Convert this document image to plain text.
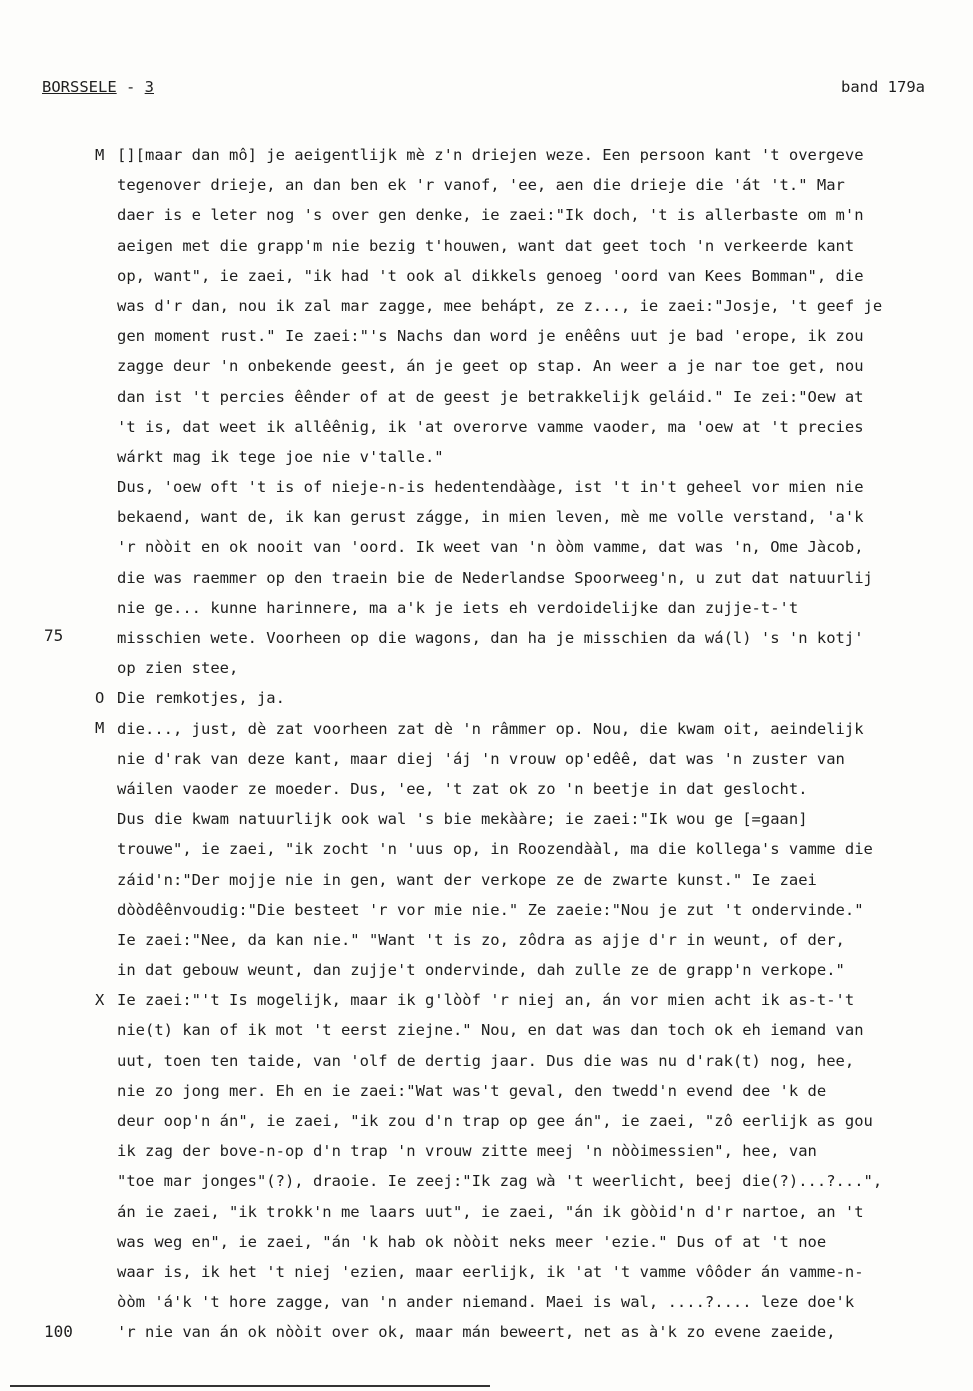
BORSSELE - 3	band 179a
M
O
M
X
75
100
[][maar dan mô] je aeigentlijk mè z'n driejen weze. Een persoon kant 't overgeve
tegenover drieje, an dan ben ek 'r vanof, 'ee, aen die drieje die 'át 't." Mar
daer is e leter nog 's over gen denke, ie zaei:"Ik doch, 't is allerbaste om m'n
aeigen met die grapp'm nie bezig t'houwen, want dat geet toch 'n verkeerde kant
op, want", ie zaei, "ik had 't ook al dikkels genoeg 'oord van Kees Bomman", die
was d'r dan, nou ik zal mar zagge, mee behápt, ze z..., ie zaei:"Josje, 't geef je
gen moment rust." Ie zaei:"'s Nachs dan word je enêêns uut je bad 'erope, ik zou
zagge deur 'n onbekende geest, án je geet op stap. An weer a je nar toe get, nou
dan ist 't percies êênder of at de geest je betrakkelijk geláid." Ie zei:"Oew at
't is, dat weet ik allêênig, ik 'at overorve vamme vaoder, ma 'oew at 't precies
wárkt mag ik tege joe nie v'talle."
Dus, 'oew oft 't is of nieje-n-is hedentendààge, ist 't in't geheel vor mien nie
bekaend, want de, ik kan gerust zágge, in mien leven, mè me volle verstand, 'a'k
'r nòòit en ok nooit van 'oord. Ik weet van 'n òòm vamme, dat was 'n, Ome Jàcob,
die was raemmer op den traein bie de Nederlandse Spoorweeg'n, u zut dat natuurlij
nie ge... kunne harinnere, ma a'k je iets eh verdoidelijke dan zujje-t-'t
misschien wete. Voorheen op die wagons, dan ha je misschien da wá(l) 's 'n kotj'
op zien stee,
Die remkotjes, ja.
die..., just, dè zat voorheen zat dè 'n râmmer op. Nou, die kwam oit, aeindelijk
nie d'rak van deze kant, maar diej 'áj 'n vrouw op'edêê, dat was 'n zuster van
wáilen vaoder ze moeder. Dus, 'ee, 't zat ok zo 'n beetje in dat geslocht.
Dus die kwam natuurlijk ook wal 's bie mekààre; ie zaei:"Ik wou ge [=gaan]
trouwe", ie zaei, "ik zocht 'n 'uus op, in Roozendààl, ma die kollega's vamme die
záid'n:"Der mojje nie in gen, want der verkope ze de zwarte kunst." Ie zaei
dòòdêênvoudig:"Die besteet 'r vor mie nie." Ze zaeie:"Nou je zut 't ondervinde."
Ie zaei:"Nee, da kan nie." "Want 't is zo, zôdra as ajje d'r in weunt, of der,
in dat gebouw weunt, dan zujje't ondervinde, dah zulle ze de grapp'n verkope."
Ie zaei:"'t Is mogelijk, maar ik g'lòòf 'r niej an, án vor mien acht ik as-t-'t
nie(t) kan of ik mot 't eerst ziejne." Nou, en dat was dan toch ok eh iemand van
uut, toen ten taide, van 'olf de dertig jaar. Dus die was nu d'rak(t) nog, hee,
nie zo jong mer. Eh en ie zaei:"Wat was't geval, den twedd'n evend dee 'k de
deur oop'n án", ie zaei, "ik zou d'n trap op gee án", ie zaei, "zô eerlijk as gou
ik zag der bove-n-op d'n trap 'n vrouw zitte meej 'n nòòimessien", hee, van
"toe mar jonges"(?), draoie. Ie zeej:"Ik zag wà 't weerlicht, beej die(?)...?...",
án ie zaei, "ik trokk'n me laars uut", ie zaei, "án ik gòòid'n d'r nartoe, an 't
was weg en", ie zaei, "án 'k hab ok nòòit neks meer 'ezie." Dus of at 't noe
waar is, ik het 't niej 'ezien, maar eerlijk, ik 'at 't vamme vôôder án vamme-n-
òòm 'á'k 't hore zagge, van 'n ander niemand. Maei is wal, ....?.... leze doe'k
'r nie van án ok nòòit over ok, maar mán beweert, net as à'k zo evene zaeide,
